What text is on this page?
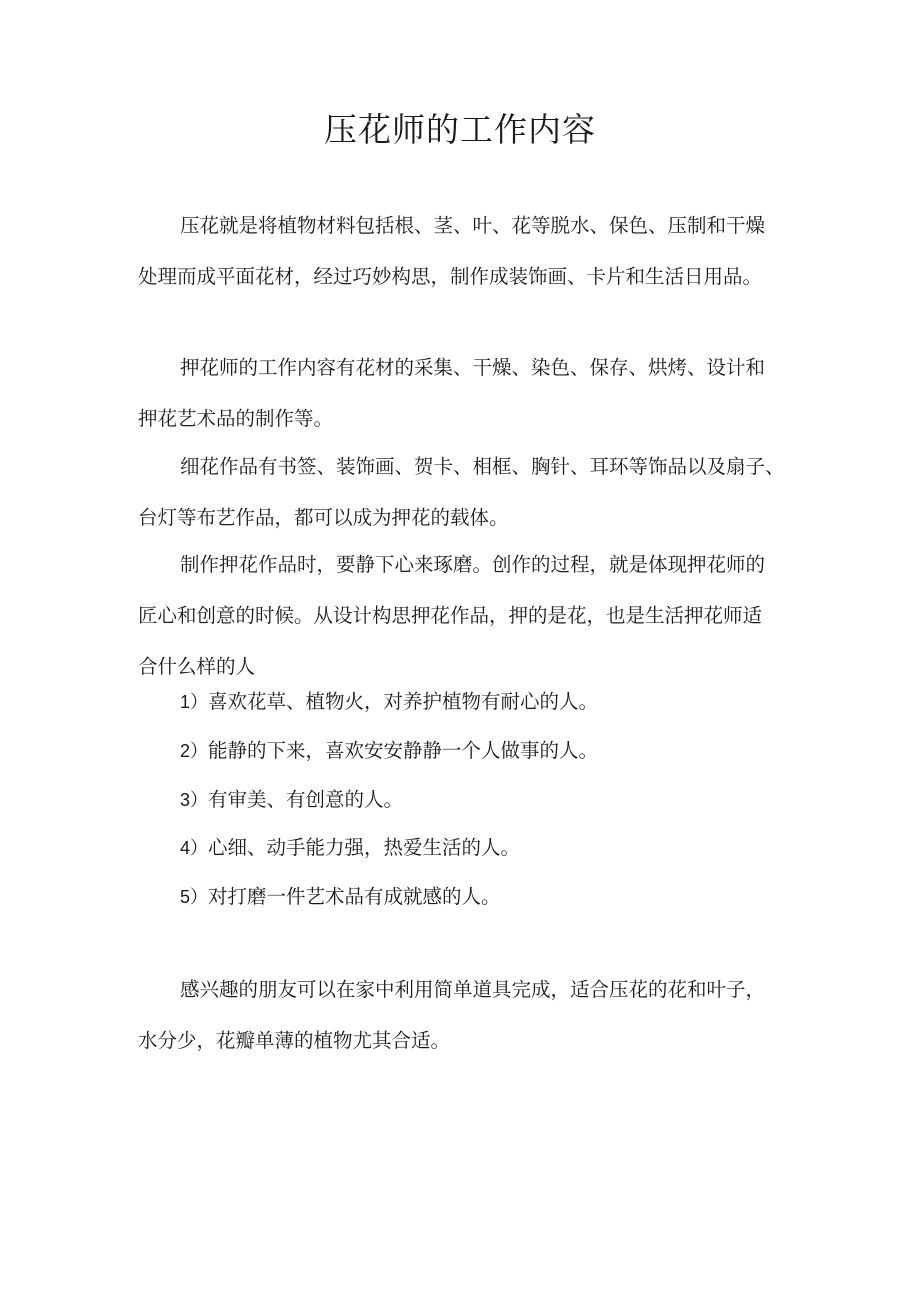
压花师的工作内容
压花就是将植物材料包括根、茎、叶、花等脱水、保色、压制和干燥
处理而成平面花材，经过巧妙构思，制作成装饰画、卡片和生活日用品。
押花师的工作内容有花材的采集、干燥、染色、保存、烘烤、设计和
押花艺术品的制作等。
细花作品有书签、装饰画、贺卡、相框、胸针、耳环等饰品以及扇子、
台灯等布艺作品，都可以成为押花的载体。
制作押花作品时，要静下心来琢磨。创作的过程，就是体现押花师的
匠心和创意的时候。从设计构思押花作品，押的是花，也是生活押花师适
合什么样的人

1）喜欢花草、植物火，对养护植物有耐心的人。

2）能静的下来，喜欢安安静静一个人做事的人。

3）有审美、有创意的人。

4）心细、动手能力强，热爱生活的人。

5）对打磨一件艺术品有成就感的人。

感兴趣的朋友可以在家中利用简单道具完成，适合压花的花和叶子，
水分少，花瓣单薄的植物尤其合适。
